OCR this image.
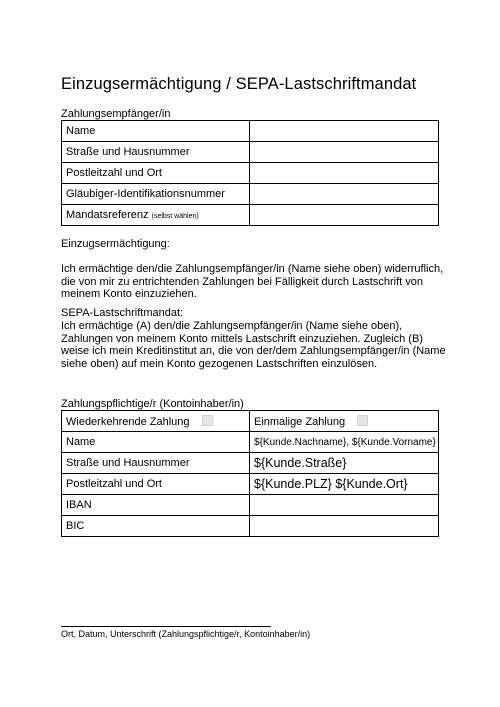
Einzugsermächtigung / SEPA-Lastschriftmandat
Zahlungsempfänger/in
Name	
Straße und Hausnummer	
Postleitzahl und Ort	
Gläubiger-Identifikationsnummer	
Mandatsreferenz (selbst wählen)	

Einzugsermächtigung:

Ich ermächtige den/die Zahlungsempfänger/in (Name siehe oben) widerruflich, die von mir zu entrichtenden Zahlungen bei Fälligkeit durch Lastschrift von meinem Konto einzuziehen.

SEPA-Lastschriftmandat:

Ich ermächtige (A) den/die Zahlungsempfänger/in (Name siehe oben), Zahlungen von meinem Konto mittels Lastschrift einzuziehen. Zugleich (B) weise ich mein Kreditinstitut an, die von der/dem Zahlungsempfänger/in (Name siehe oben) auf mein Konto gezogenen Lastschriften einzulösen.

Zahlungspflichtige/r (Kontoinhaber/in)
Wiederkehrende Zahlung	Einmalige Zahlung
Name	${Kunde.Nachname}, ${Kunde.Vorname}
Straße und Hausnummer	${Kunde.Straße}
Postleitzahl und Ort	${Kunde.PLZ} ${Kunde.Ort}
IBAN	
BIC	
Ort, Datum, Unterschrift (Zahlungspflichtige/r, Kontoinhaber/in)
